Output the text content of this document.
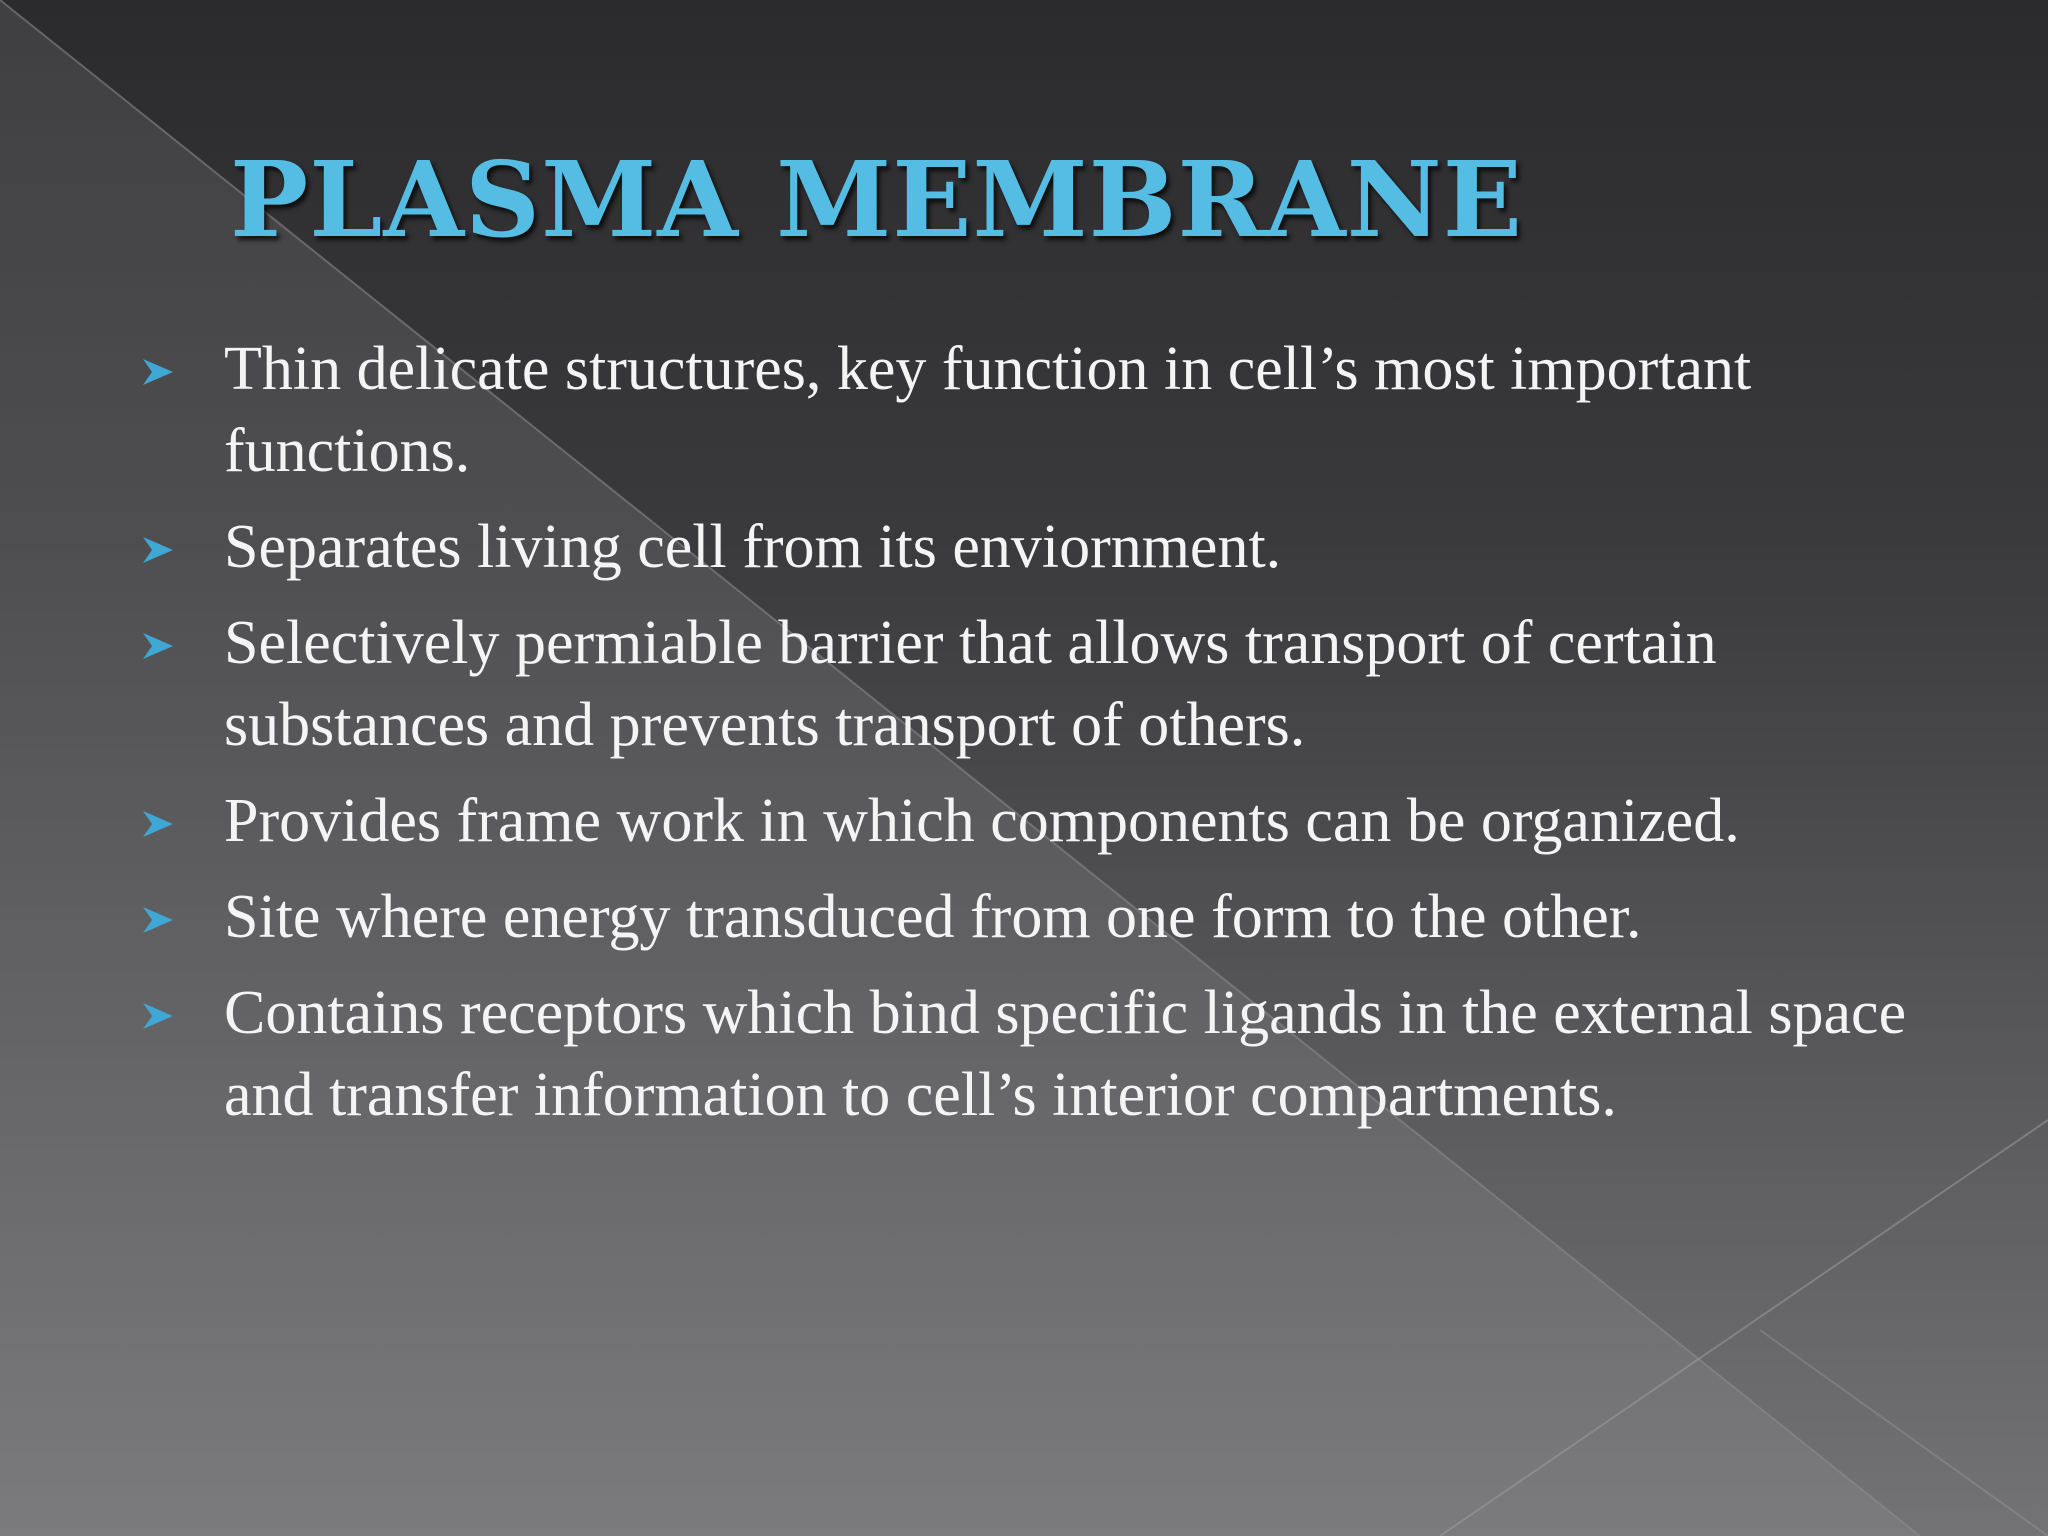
PLASMA MEMBRANE
Thin delicate structures, key function in cell’s most important functions.
Separates living cell from its enviornment.
Selectively permiable barrier that allows transport of certain substances and prevents transport of others.
Provides frame work in which components can be organized.
Site where energy transduced from one form to the other.
Contains receptors which bind specific ligands in the external space and transfer information to cell’s interior compartments.
